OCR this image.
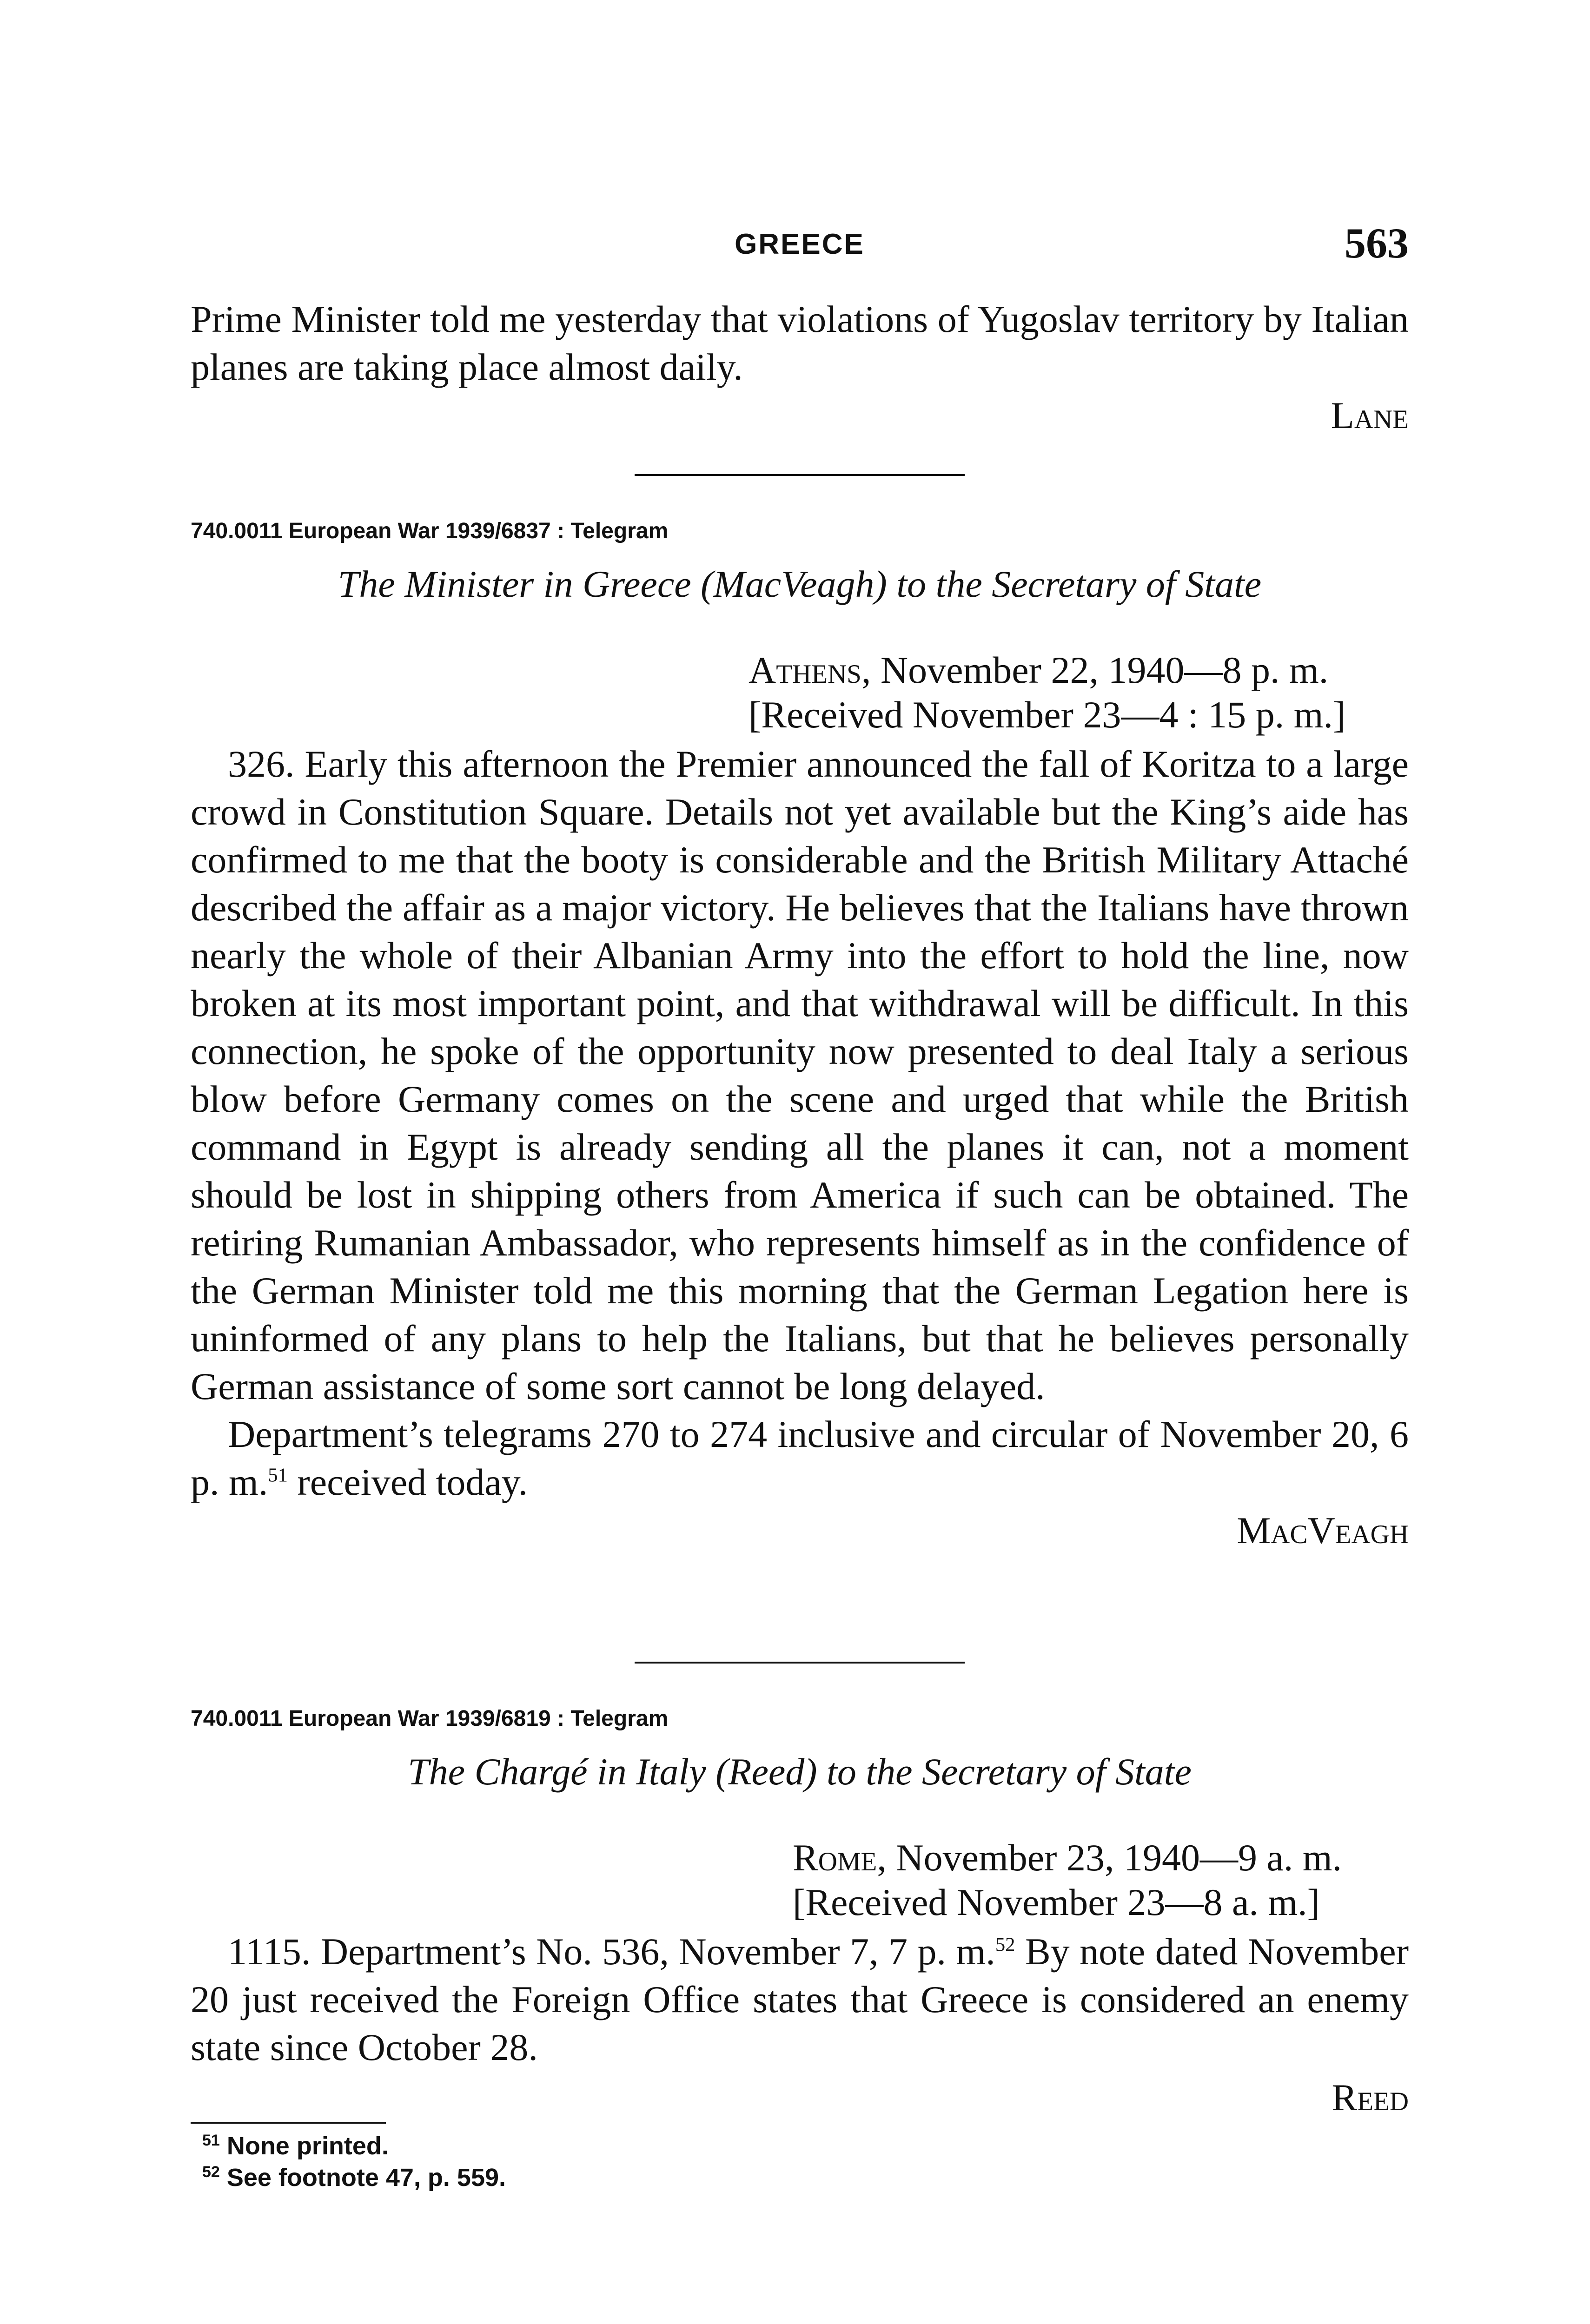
GREECE	563

Prime Minister told me yesterday that violations of Yugoslav territory by Italian planes are taking place almost daily.

Lane

740.0011 European War 1939/6837 : Telegram

The Minister in Greece (MacVeagh) to the Secretary of State

Athens, November 22, 1940—8 p. m.

[Received November 23—4 : 15 p. m.]

326. Early this afternoon the Premier announced the fall of Koritza to a large crowd in Constitution Square. Details not yet available but the King’s aide has confirmed to me that the booty is considerable and the British Military Attaché described the affair as a major victory. He believes that the Italians have thrown nearly the whole of their Albanian Army into the effort to hold the line, now broken at its most important point, and that withdrawal will be difficult. In this connection, he spoke of the opportunity now presented to deal Italy a serious blow before Germany comes on the scene and urged that while the British command in Egypt is already sending all the planes it can, not a moment should be lost in shipping others from America if such can be obtained. The retiring Rumanian Ambassador, who represents himself as in the confidence of the German Minister told me this morning that the German Legation here is uninformed of any plans to help the Italians, but that he believes personally German assistance of some sort cannot be long delayed.

Department’s telegrams 270 to 274 inclusive and circular of November 20, 6 p. m.$^{51}$ received today.

MacVeagh

740.0011 European War 1939/6819 : Telegram

The Chargé in Italy (Reed) to the Secretary of State

Rome, November 23, 1940—9 a. m.

[Received November 23—8 a. m.]

1115. Department’s No. 536, November 7, 7 p. m.$^{52}$ By note dated November 20 just received the Foreign Office states that Greece is considered an enemy state since October 28.

Reed

$^{51}$ None printed.

$^{52}$ See footnote 47, p. 559.
